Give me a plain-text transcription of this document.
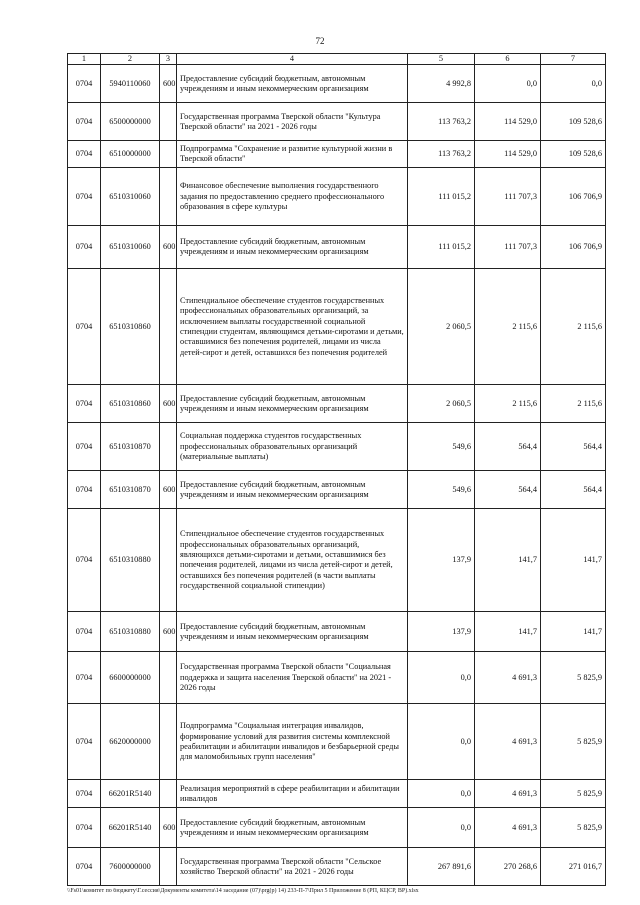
72
1	2	3	4	5	6	7
0704	5940110060	600	Предоставление субсидий бюджетным, автономным учреждениям и иным некоммерческим организациям	4 992,8	0,0	0,0
0704	6500000000		Государственная программа Тверской области "Культура Тверской области" на 2021 - 2026 годы	113 763,2	114 529,0	109 528,6
0704	6510000000		Подпрограмма "Сохранение и развитие культурной жизни в Тверской области"	113 763,2	114 529,0	109 528,6
0704	6510310060		Финансовое обеспечение выполнения государственного задания по предоставлению среднего профессионального образования в сфере культуры	111 015,2	111 707,3	106 706,9
0704	6510310060	600	Предоставление субсидий бюджетным, автономным учреждениям и иным некоммерческим организациям	111 015,2	111 707,3	106 706,9
0704	6510310860		Стипендиальное обеспечение студентов государственных профессиональных образовательных организаций, за исключением выплаты государственной социальной стипендии студентам, являющимся детьми-сиротами и детьми, оставшимися без попечения родителей, лицами из числа детей-сирот и детей, оставшихся без попечения родителей	2 060,5	2 115,6	2 115,6
0704	6510310860	600	Предоставление субсидий бюджетным, автономным учреждениям и иным некоммерческим организациям	2 060,5	2 115,6	2 115,6
0704	6510310870		Социальная поддержка студентов государственных профессиональных образовательных организаций (материальные выплаты)	549,6	564,4	564,4
0704	6510310870	600	Предоставление субсидий бюджетным, автономным учреждениям и иным некоммерческим организациям	549,6	564,4	564,4
0704	6510310880		Стипендиальное обеспечение студентов государственных профессиональных образовательных организаций, являющихся детьми-сиротами и детьми, оставшимися без попечения родителей, лицами из числа детей-сирот и детей, оставшихся без попечения родителей (в части выплаты государственной социальной стипендии)	137,9	141,7	141,7
0704	6510310880	600	Предоставление субсидий бюджетным, автономным учреждениям и иным некоммерческим организациям	137,9	141,7	141,7
0704	6600000000		Государственная программа Тверской области "Социальная поддержка и защита населения Тверской области" на 2021 - 2026 годы	0,0	4 691,3	5 825,9
0704	6620000000		Подпрограмма "Социальная интеграция инвалидов, формирование условий для развития системы комплексной реабилитации и абилитации инвалидов и безбарьерной среды для маломобильных групп населения"	0,0	4 691,3	5 825,9
0704	66201R5140		Реализация мероприятий в сфере реабилитации и абилитации инвалидов	0,0	4 691,3	5 825,9
0704	66201R5140	600	Предоставление субсидий бюджетным, автономным учреждениям и иным некоммерческим организациям	0,0	4 691,3	5 825,9
0704	7600000000		Государственная программа Тверской области "Сельское хозяйство Тверской области" на 2021 - 2026 годы	267 891,6	270 268,6	271 016,7
\\Fs01\комитет по бюджету\Г.сессия\Документы комитета\14 заседание (07)\prg(p) 14) 233-П-7\Прил 5 Приложение 8 (РП, КЦСР, ВР).xlsx
